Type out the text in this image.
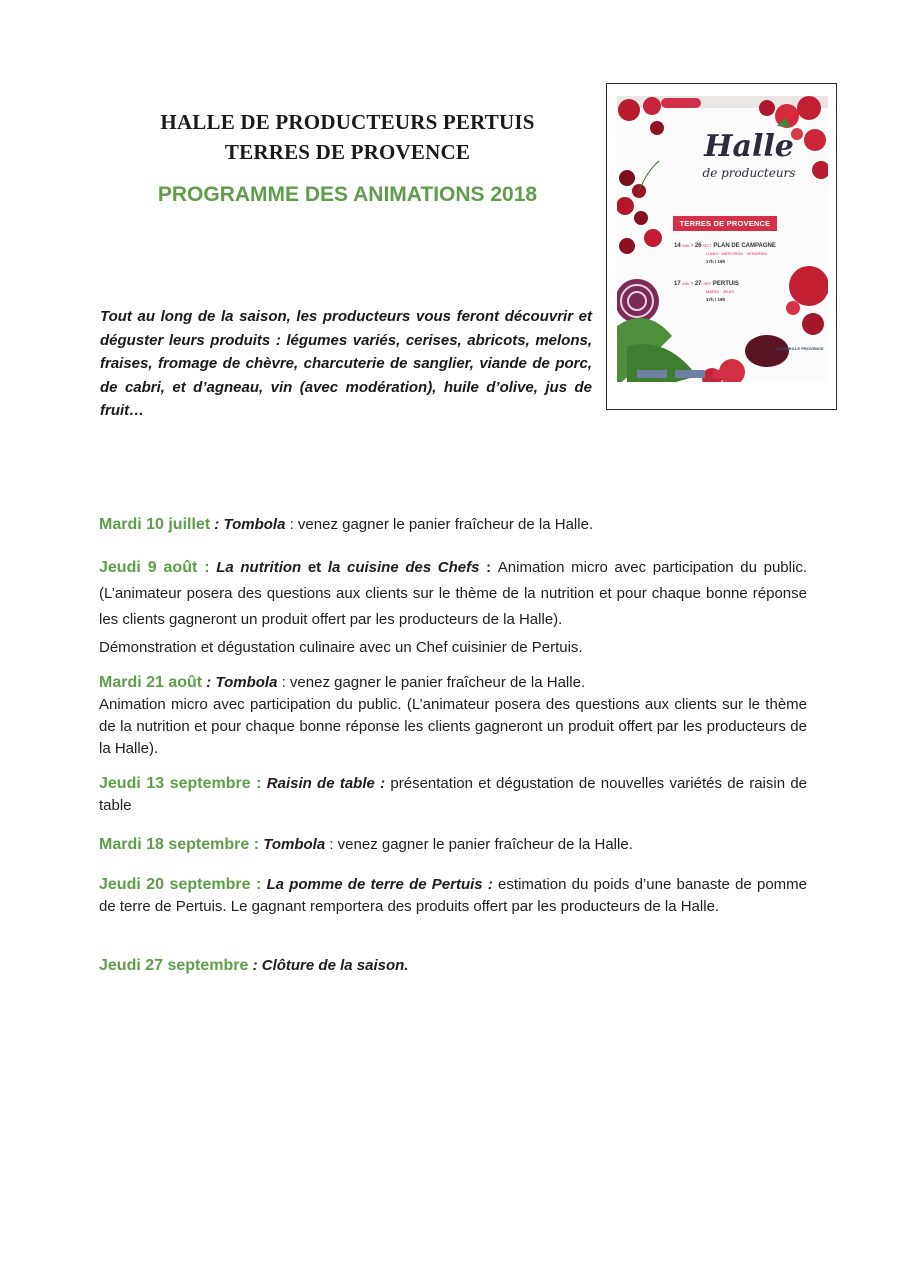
HALLE DE PRODUCTEURS PERTUIS
TERRES DE PROVENCE
PROGRAMME DES ANIMATIONS 2018
Tout au long de la saison, les producteurs vous feront découvrir et
déguster leurs produits : légumes variés, cerises, abricots, melons,
fraises, fromage de chèvre, charcuterie de sanglier, viande de porc,
de cabri, et d’agneau, vin (avec modération), huile d’olive, jus de
fruit…
Halle
de producteurs
TERRES DE PROVENCE
14 MAI › 26 OCT PLAN DE CAMPAGNE
LUNDI · MERCREDI · VENDREDI
17h / 19h
17 MAI › 27 SEP PERTUIS
MARDI · JEUDI
17h / 19h
MARSEILLE PROVENCE
Mardi 10 juillet : Tombola : venez gagner le panier fraîcheur de la Halle.
Jeudi 9 août : La nutrition et la cuisine des Chefs : Animation micro avec participation du public. (L’animateur posera des questions aux clients sur le thème de la nutrition et pour chaque bonne réponse les clients gagneront un produit offert par les producteurs de la Halle).
Démonstration et dégustation culinaire avec un Chef cuisinier de Pertuis.
Mardi 21 août : Tombola : venez gagner le panier fraîcheur de la Halle.
Animation micro avec participation du public. (L’animateur posera des questions aux clients sur le thème de la nutrition et pour chaque bonne réponse les clients gagneront un produit offert par les producteurs de la Halle).
Jeudi 13 septembre : Raisin de table : présentation et dégustation de nouvelles variétés de raisin de table
Mardi 18 septembre : Tombola : venez gagner le panier fraîcheur de la Halle.
Jeudi 20 septembre : La pomme de terre de Pertuis : estimation du poids d’une banaste de pomme de terre de Pertuis. Le gagnant remportera des produits offert par les producteurs de la Halle.
Jeudi 27 septembre : Clôture de la saison.
